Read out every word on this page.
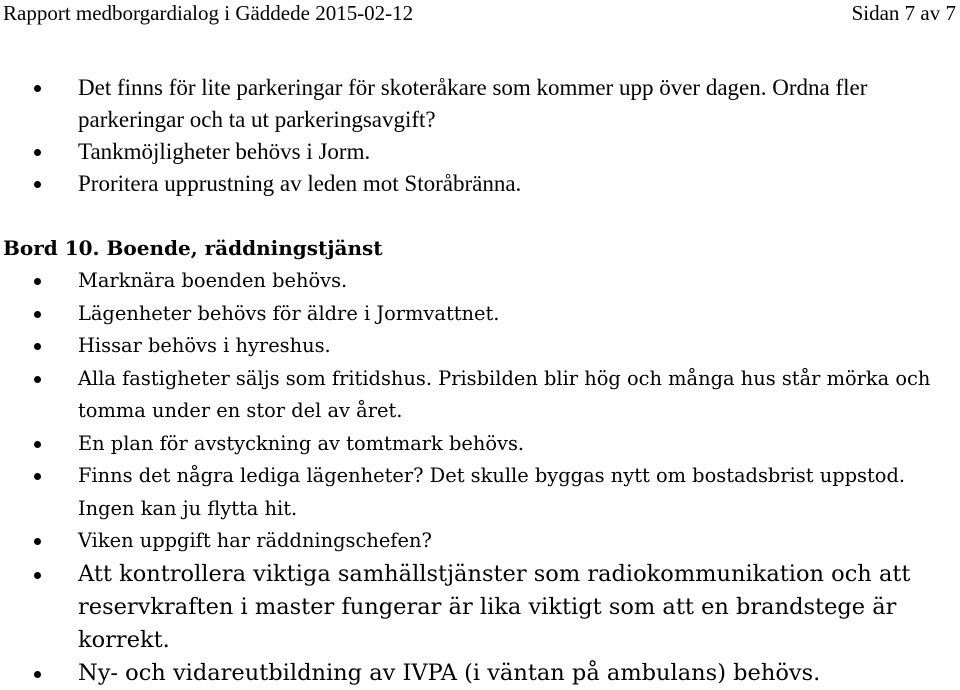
Rapport medborgardialog i Gäddede 2015-02-12	Sidan 7 av 7
Det finns för lite parkeringar för skoteråkare som kommer upp över dagen. Ordna fler parkeringar och ta ut parkeringsavgift?
Tankmöjligheter behövs i Jorm.
Proritera upprustning av leden mot Storåbränna.
Bord 10. Boende, räddningstjänst
Marknära boenden behövs.
Lägenheter behövs för äldre i Jormvattnet.
Hissar behövs i hyreshus.
Alla fastigheter säljs som fritidshus. Prisbilden blir hög och många hus står mörka och tomma under en stor del av året.
En plan för avstyckning av tomtmark behövs.
Finns det några lediga lägenheter? Det skulle byggas nytt om bostadsbrist uppstod. Ingen kan ju flytta hit.
Viken uppgift har räddningschefen?
Att kontrollera viktiga samhällstjänster som radiokommunikation och att reservkraften i master fungerar är lika viktigt som att en brandstege är korrekt.
Ny- och vidareutbildning av IVPA (i väntan på ambulans) behövs.
